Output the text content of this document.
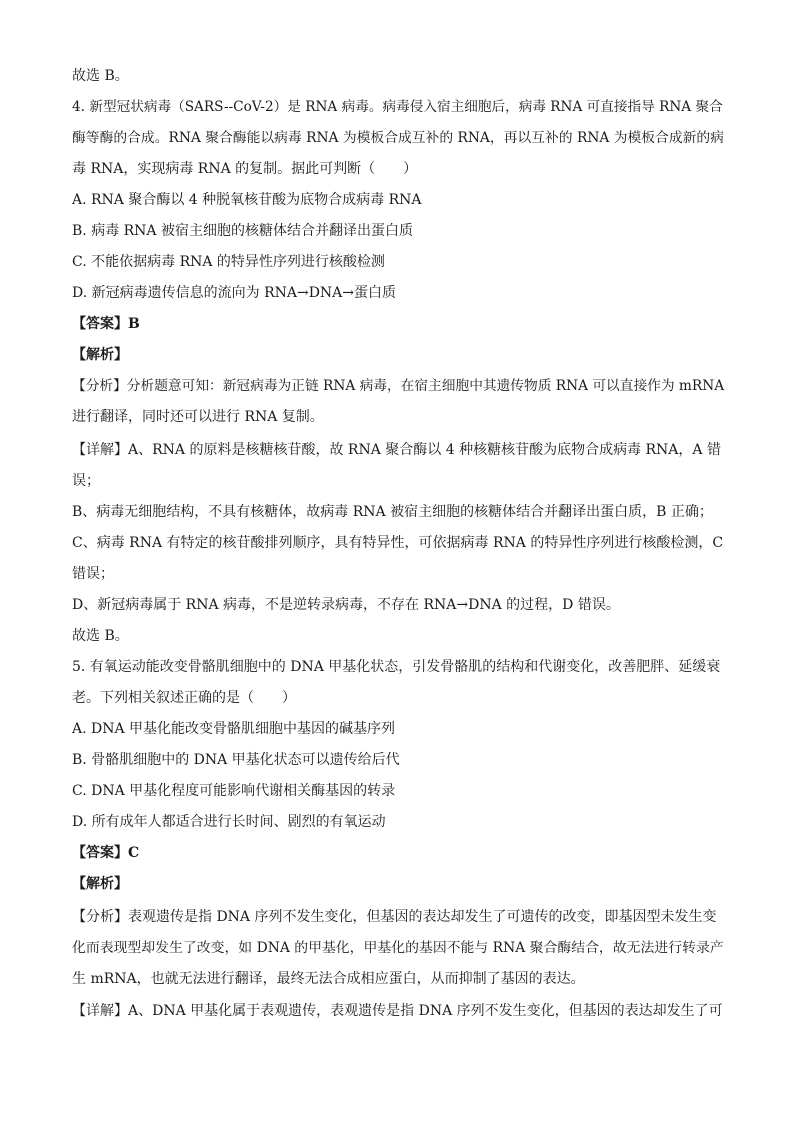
故选 B。
4. 新型冠状病毒（SARS--CoV-2）是 RNA 病毒。病毒侵入宿主细胞后，病毒 RNA 可直接指导 RNA 聚合
酶等酶的合成。RNA 聚合酶能以病毒 RNA 为模板合成互补的 RNA，再以互补的 RNA 为模板合成新的病
毒 RNA，实现病毒 RNA 的复制。据此可判断（　　）
A. RNA 聚合酶以 4 种脱氧核苷酸为底物合成病毒 RNA
B. 病毒 RNA 被宿主细胞的核糖体结合并翻译出蛋白质
C. 不能依据病毒 RNA 的特异性序列进行核酸检测
D. 新冠病毒遗传信息的流向为 RNA→DNA→蛋白质
【答案】B
【解析】
【分析】分析题意可知：新冠病毒为正链 RNA 病毒，在宿主细胞中其遗传物质 RNA 可以直接作为 mRNA
进行翻译，同时还可以进行 RNA 复制。
【详解】A、RNA 的原料是核糖核苷酸，故 RNA 聚合酶以 4 种核糖核苷酸为底物合成病毒 RNA，A 错
误；
B、病毒无细胞结构，不具有核糖体，故病毒 RNA 被宿主细胞的核糖体结合并翻译出蛋白质，B 正确；
C、病毒 RNA 有特定的核苷酸排列顺序，具有特异性，可依据病毒 RNA 的特异性序列进行核酸检测，C
错误；
D、新冠病毒属于 RNA 病毒，不是逆转录病毒，不存在 RNA→DNA 的过程，D 错误。
故选 B。
5. 有氧运动能改变骨骼肌细胞中的 DNA 甲基化状态，引发骨骼肌的结构和代谢变化，改善肥胖、延缓衰
老。下列相关叙述正确的是（　　）
A. DNA 甲基化能改变骨骼肌细胞中基因的碱基序列
B. 骨骼肌细胞中的 DNA 甲基化状态可以遗传给后代
C. DNA 甲基化程度可能影响代谢相关酶基因的转录
D. 所有成年人都适合进行长时间、剧烈的有氧运动
【答案】C
【解析】
【分析】表观遗传是指 DNA 序列不发生变化，但基因的表达却发生了可遗传的改变，即基因型未发生变
化而表现型却发生了改变，如 DNA 的甲基化，甲基化的基因不能与 RNA 聚合酶结合，故无法进行转录产
生 mRNA，也就无法进行翻译，最终无法合成相应蛋白，从而抑制了基因的表达。
【详解】A、DNA 甲基化属于表观遗传，表观遗传是指 DNA 序列不发生变化，但基因的表达却发生了可
